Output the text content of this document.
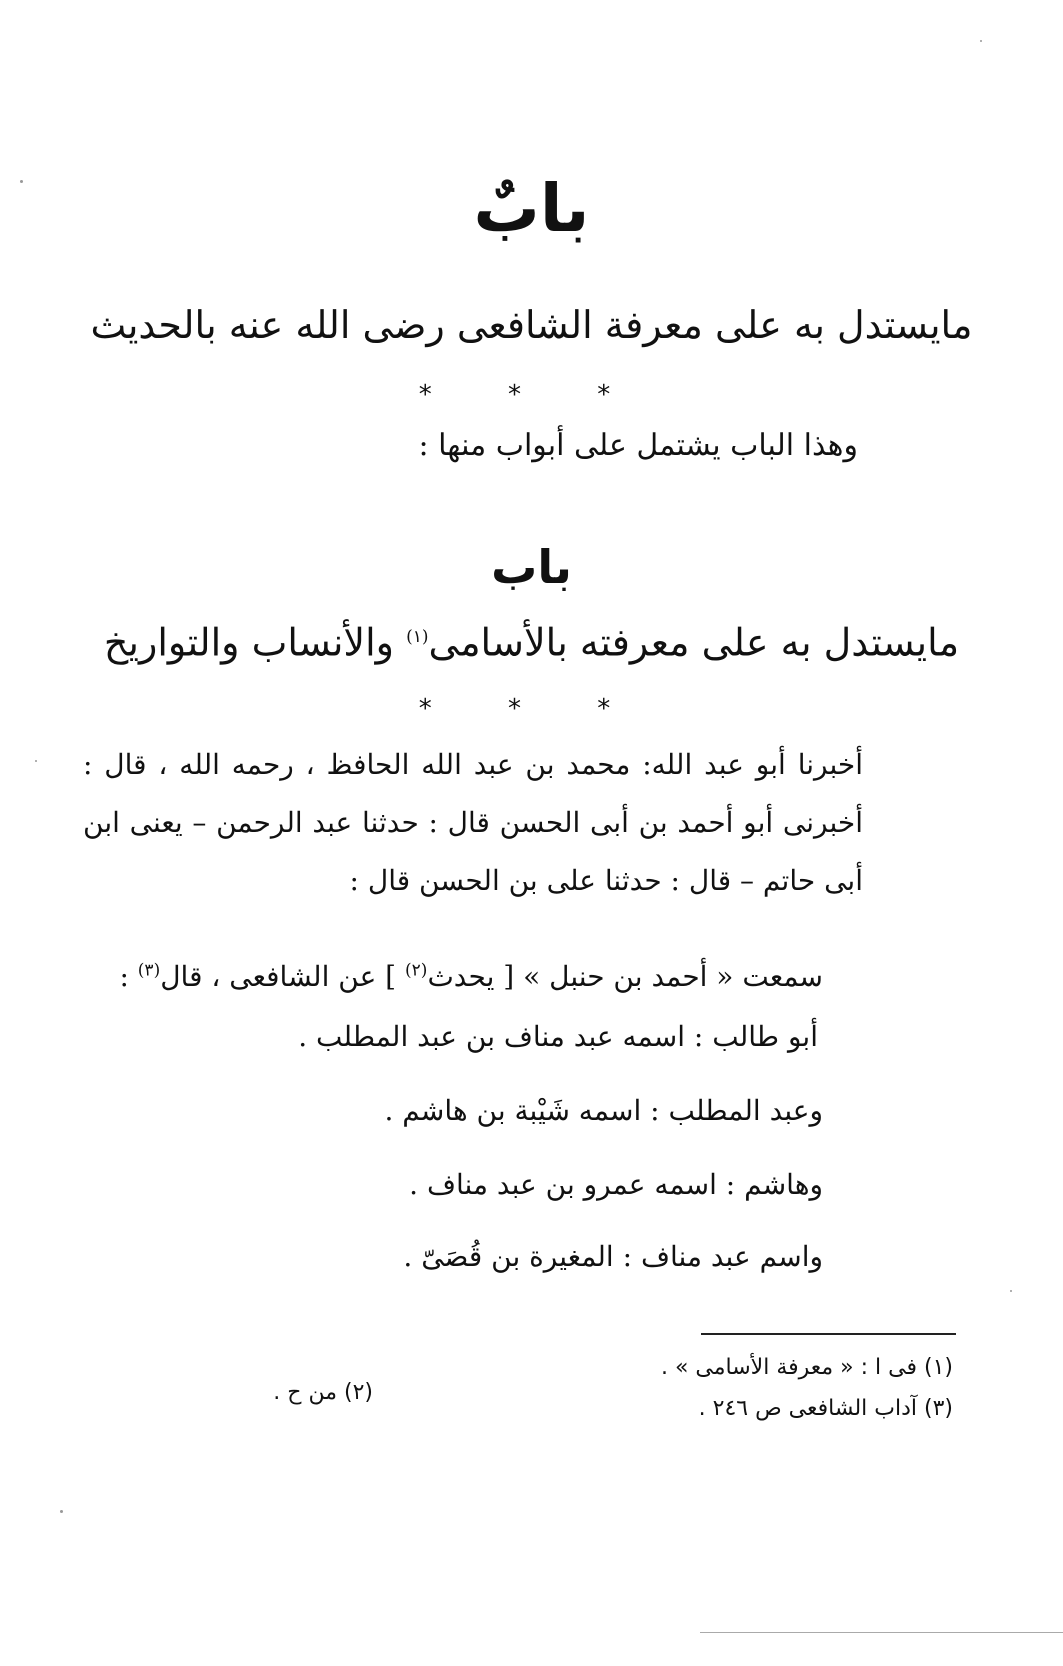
بابٌ
مايستدل به على معرفة الشافعى رضى الله عنه بالحديث
* * *
وهذا الباب يشتمل على أبواب منها :
باب
مايستدل به على معرفته بالأسامى$^{(١)}$ والأنساب والتواريخ
* * *
أخبرنا أبو عبد الله: محمد بن عبد الله الحافظ ، رحمه الله ، قال : أخبرنى أبو أحمد بن أبى الحسن قال : حدثنا عبد الرحمن – يعنى ابن أبى حاتم – قال : حدثنا على بن الحسن قال :
سمعت « أحمد بن حنبل » [ يحدث$^{(٢)}$ ] عن الشافعى ، قال$^{(٣)}$ :
أبو طالب : اسمه عبد مناف بن عبد المطلب .
وعبد المطلب : اسمه شَيْبة بن هاشم .
وهاشم : اسمه عمرو بن عبد مناف .
واسم عبد مناف : المغيرة بن قُصَىّ .
(١) فى ا : « معرفة الأسامى » .
(٣) آداب الشافعى ص ٢٤٦ .
(٢) من ح .
